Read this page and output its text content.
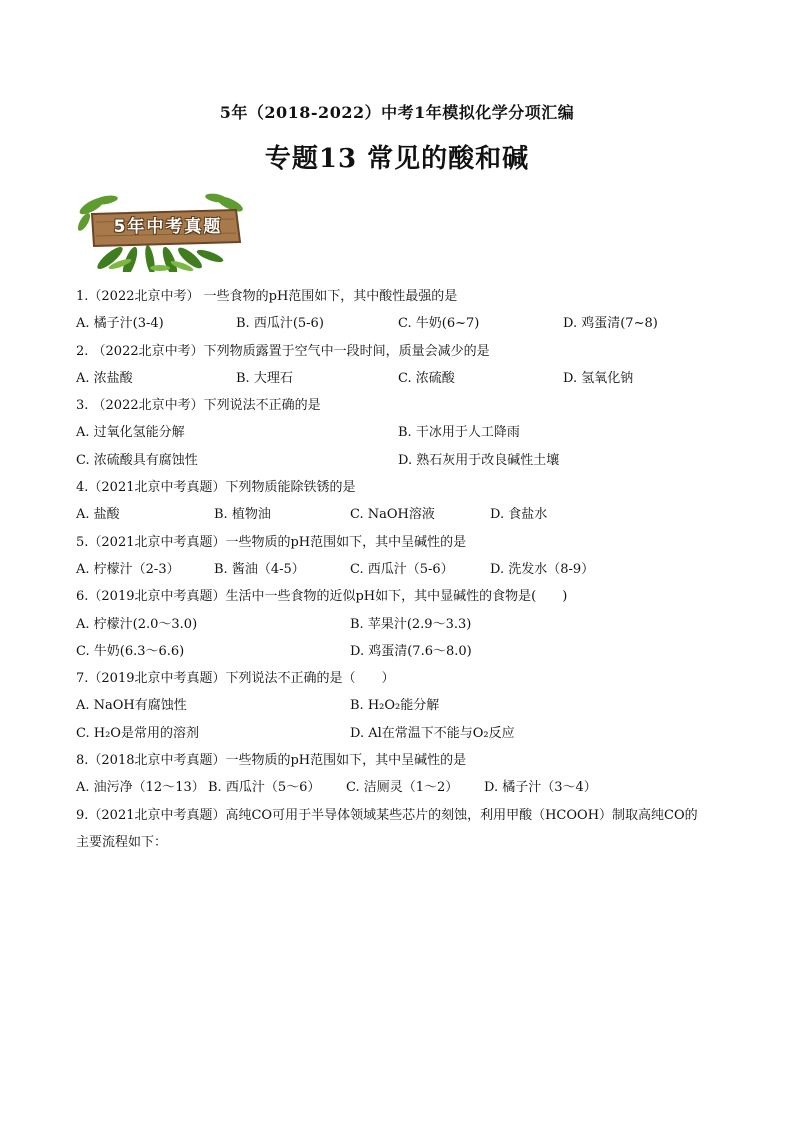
5年（2018-2022）中考1年模拟化学分项汇编
专题13 常见的酸和碱
5年中考真题
1.（2022北京中考） 一些食物的pH范围如下，其中酸性最强的是
A. 橘子汁(3-4)	B. 西瓜汁(5-6)	C. 牛奶(6~7)	D. 鸡蛋清(7~8)
2. （2022北京中考）下列物质露置于空气中一段时间，质量会减少的是
A. 浓盐酸	B. 大理石	C. 浓硫酸	D. 氢氧化钠
3. （2022北京中考）下列说法不正确的是
A. 过氧化氢能分解	B. 干冰用于人工降雨
C. 浓硫酸具有腐蚀性	D. 熟石灰用于改良碱性土壤
4.（2021北京中考真题）下列物质能除铁锈的是
A. 盐酸	B. 植物油	C. NaOH溶液	D. 食盐水
5.（2021北京中考真题）一些物质的pH范围如下，其中呈碱性的是
A. 柠檬汁（2-3）	B. 酱油（4-5）	C. 西瓜汁（5-6）	D. 洗发水（8-9）
6.（2019北京中考真题）生活中一些食物的近似pH如下，其中显碱性的食物是(　　)
A. 柠檬汁(2.0～3.0)	B. 苹果汁(2.9～3.3)
C. 牛奶(6.3～6.6)	D. 鸡蛋清(7.6～8.0)
7.（2019北京中考真题）下列说法不正确的是（　　）
A. NaOH有腐蚀性	B. H₂O₂能分解
C. H₂O是常用的溶剂	D. Al在常温下不能与O₂反应
8.（2018北京中考真题）一些物质的pH范围如下，其中呈碱性的是
A. 油污净（12～13） B. 西瓜汁（5～6） C. 洁厕灵（1～2） D. 橘子汁（3～4）
9.（2021北京中考真题）高纯CO可用于半导体领域某些芯片的刻蚀，利用甲酸（HCOOH）制取高纯CO的
主要流程如下：
